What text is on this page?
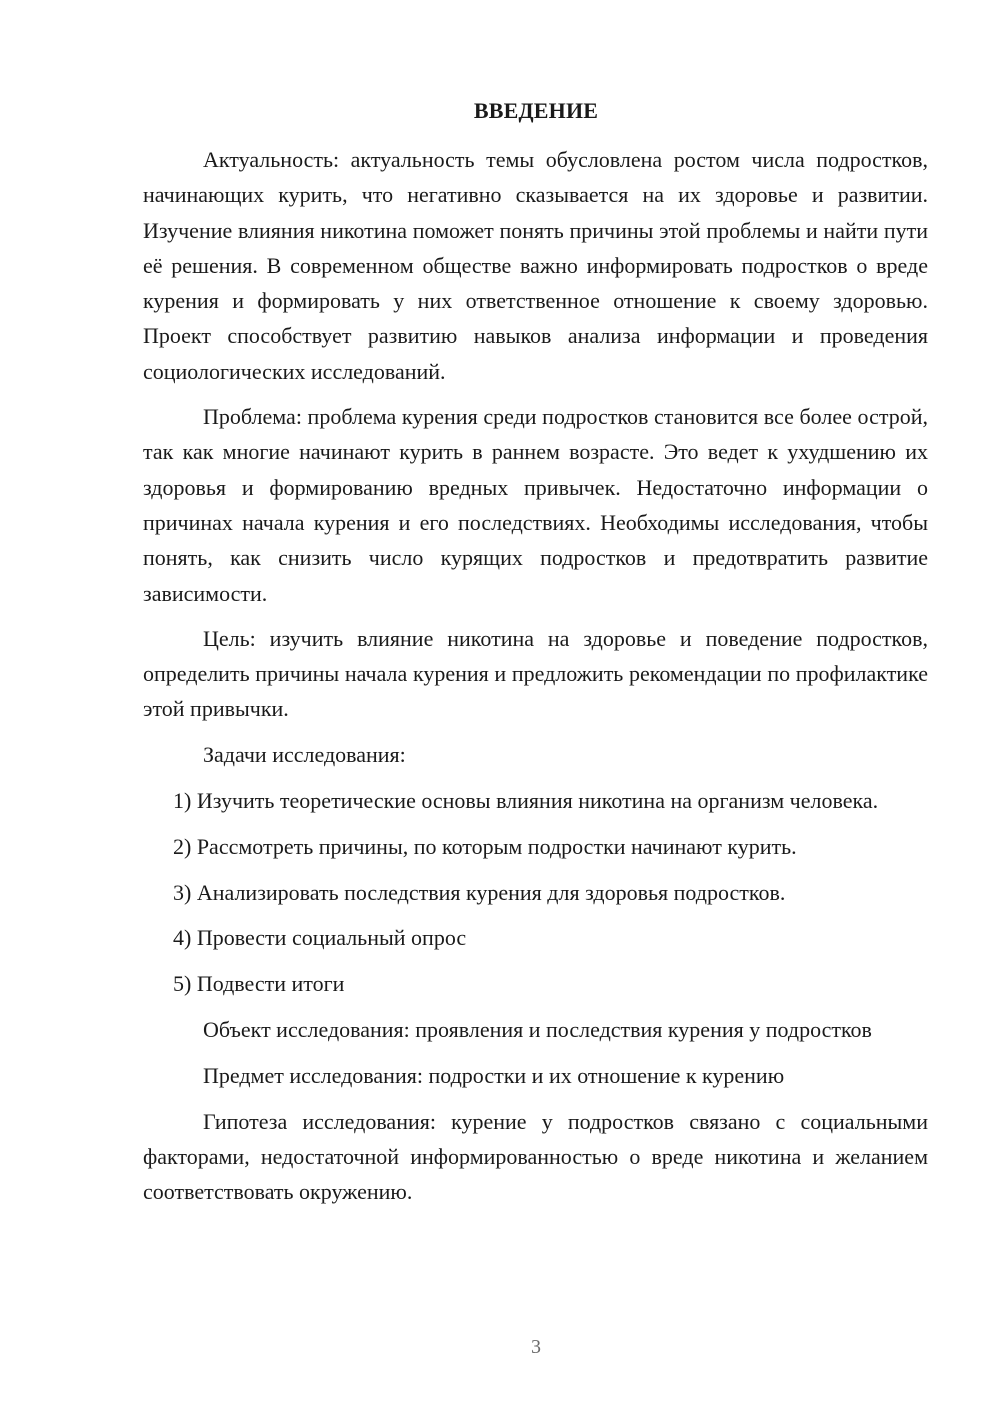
ВВЕДЕНИЕ

Актуальность: актуальность темы обусловлена ростом числа подростков, начинающих курить, что негативно сказывается на их здоровье и развитии. Изучение влияния никотина поможет понять причины этой проблемы и найти пути её решения. В современном обществе важно информировать подростков о вреде курения и формировать у них ответственное отношение к своему здоровью. Проект способствует развитию навыков анализа информации и проведения социологических исследований.

Проблема: проблема курения среди подростков становится все более острой, так как многие начинают курить в раннем возрасте. Это ведет к ухудшению их здоровья и формированию вредных привычек. Недостаточно информации о причинах начала курения и его последствиях. Необходимы исследования, чтобы понять, как снизить число курящих подростков и предотвратить развитие зависимости.

Цель: изучить влияние никотина на здоровье и поведение подростков, определить причины начала курения и предложить рекомендации по профилактике этой привычки.

Задачи исследования:

1) Изучить теоретические основы влияния никотина на организм человека.

2) Рассмотреть причины, по которым подростки начинают курить.

3) Анализировать последствия курения для здоровья подростков.

4) Провести социальный опрос

5) Подвести итоги

Объект исследования: проявления и последствия курения у подростков

Предмет исследования: подростки и их отношение к курению

Гипотеза исследования: курение у подростков связано с социальными факторами, недостаточной информированностью о вреде никотина и желанием соответствовать окружению.

3
